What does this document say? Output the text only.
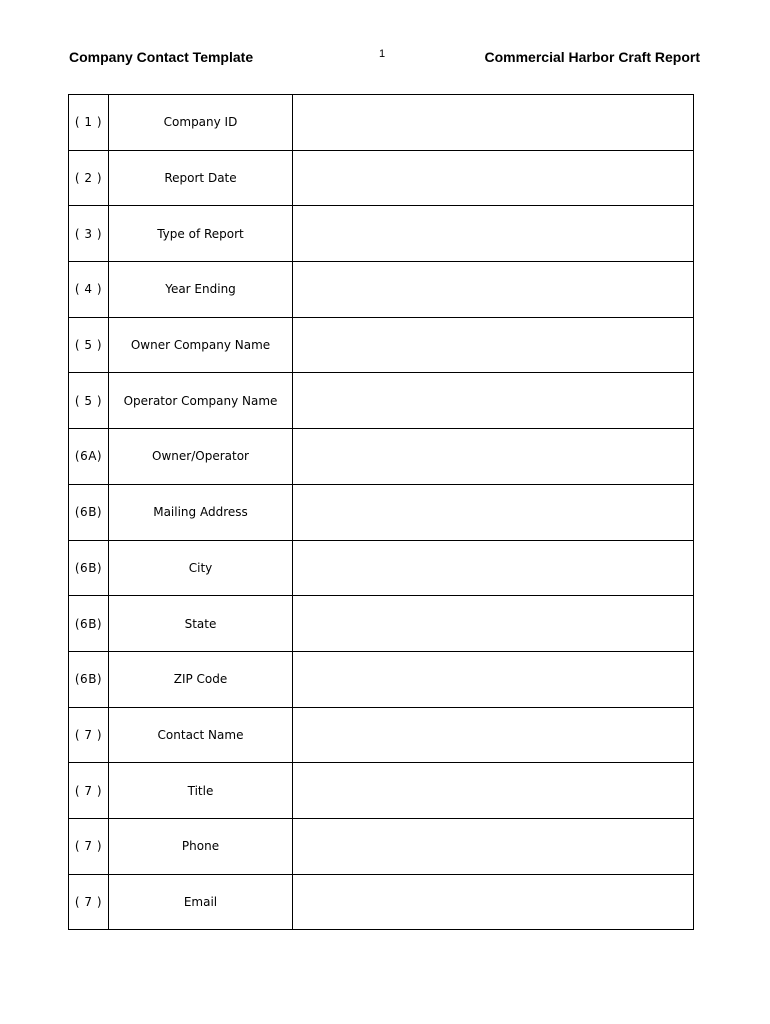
Company Contact Template	1	Commercial Harbor Craft Report
( 1 )	Company ID	
( 2 )	Report Date	
( 3 )	Type of Report	
( 4 )	Year Ending	
( 5 )	Owner Company Name	
( 5 )	Operator Company Name	
(6A)	Owner/Operator	
(6B)	Mailing Address	
(6B)	City	
(6B)	State	
(6B)	ZIP Code	
( 7 )	Contact Name	
( 7 )	Title	
( 7 )	Phone	
( 7 )	Email	
